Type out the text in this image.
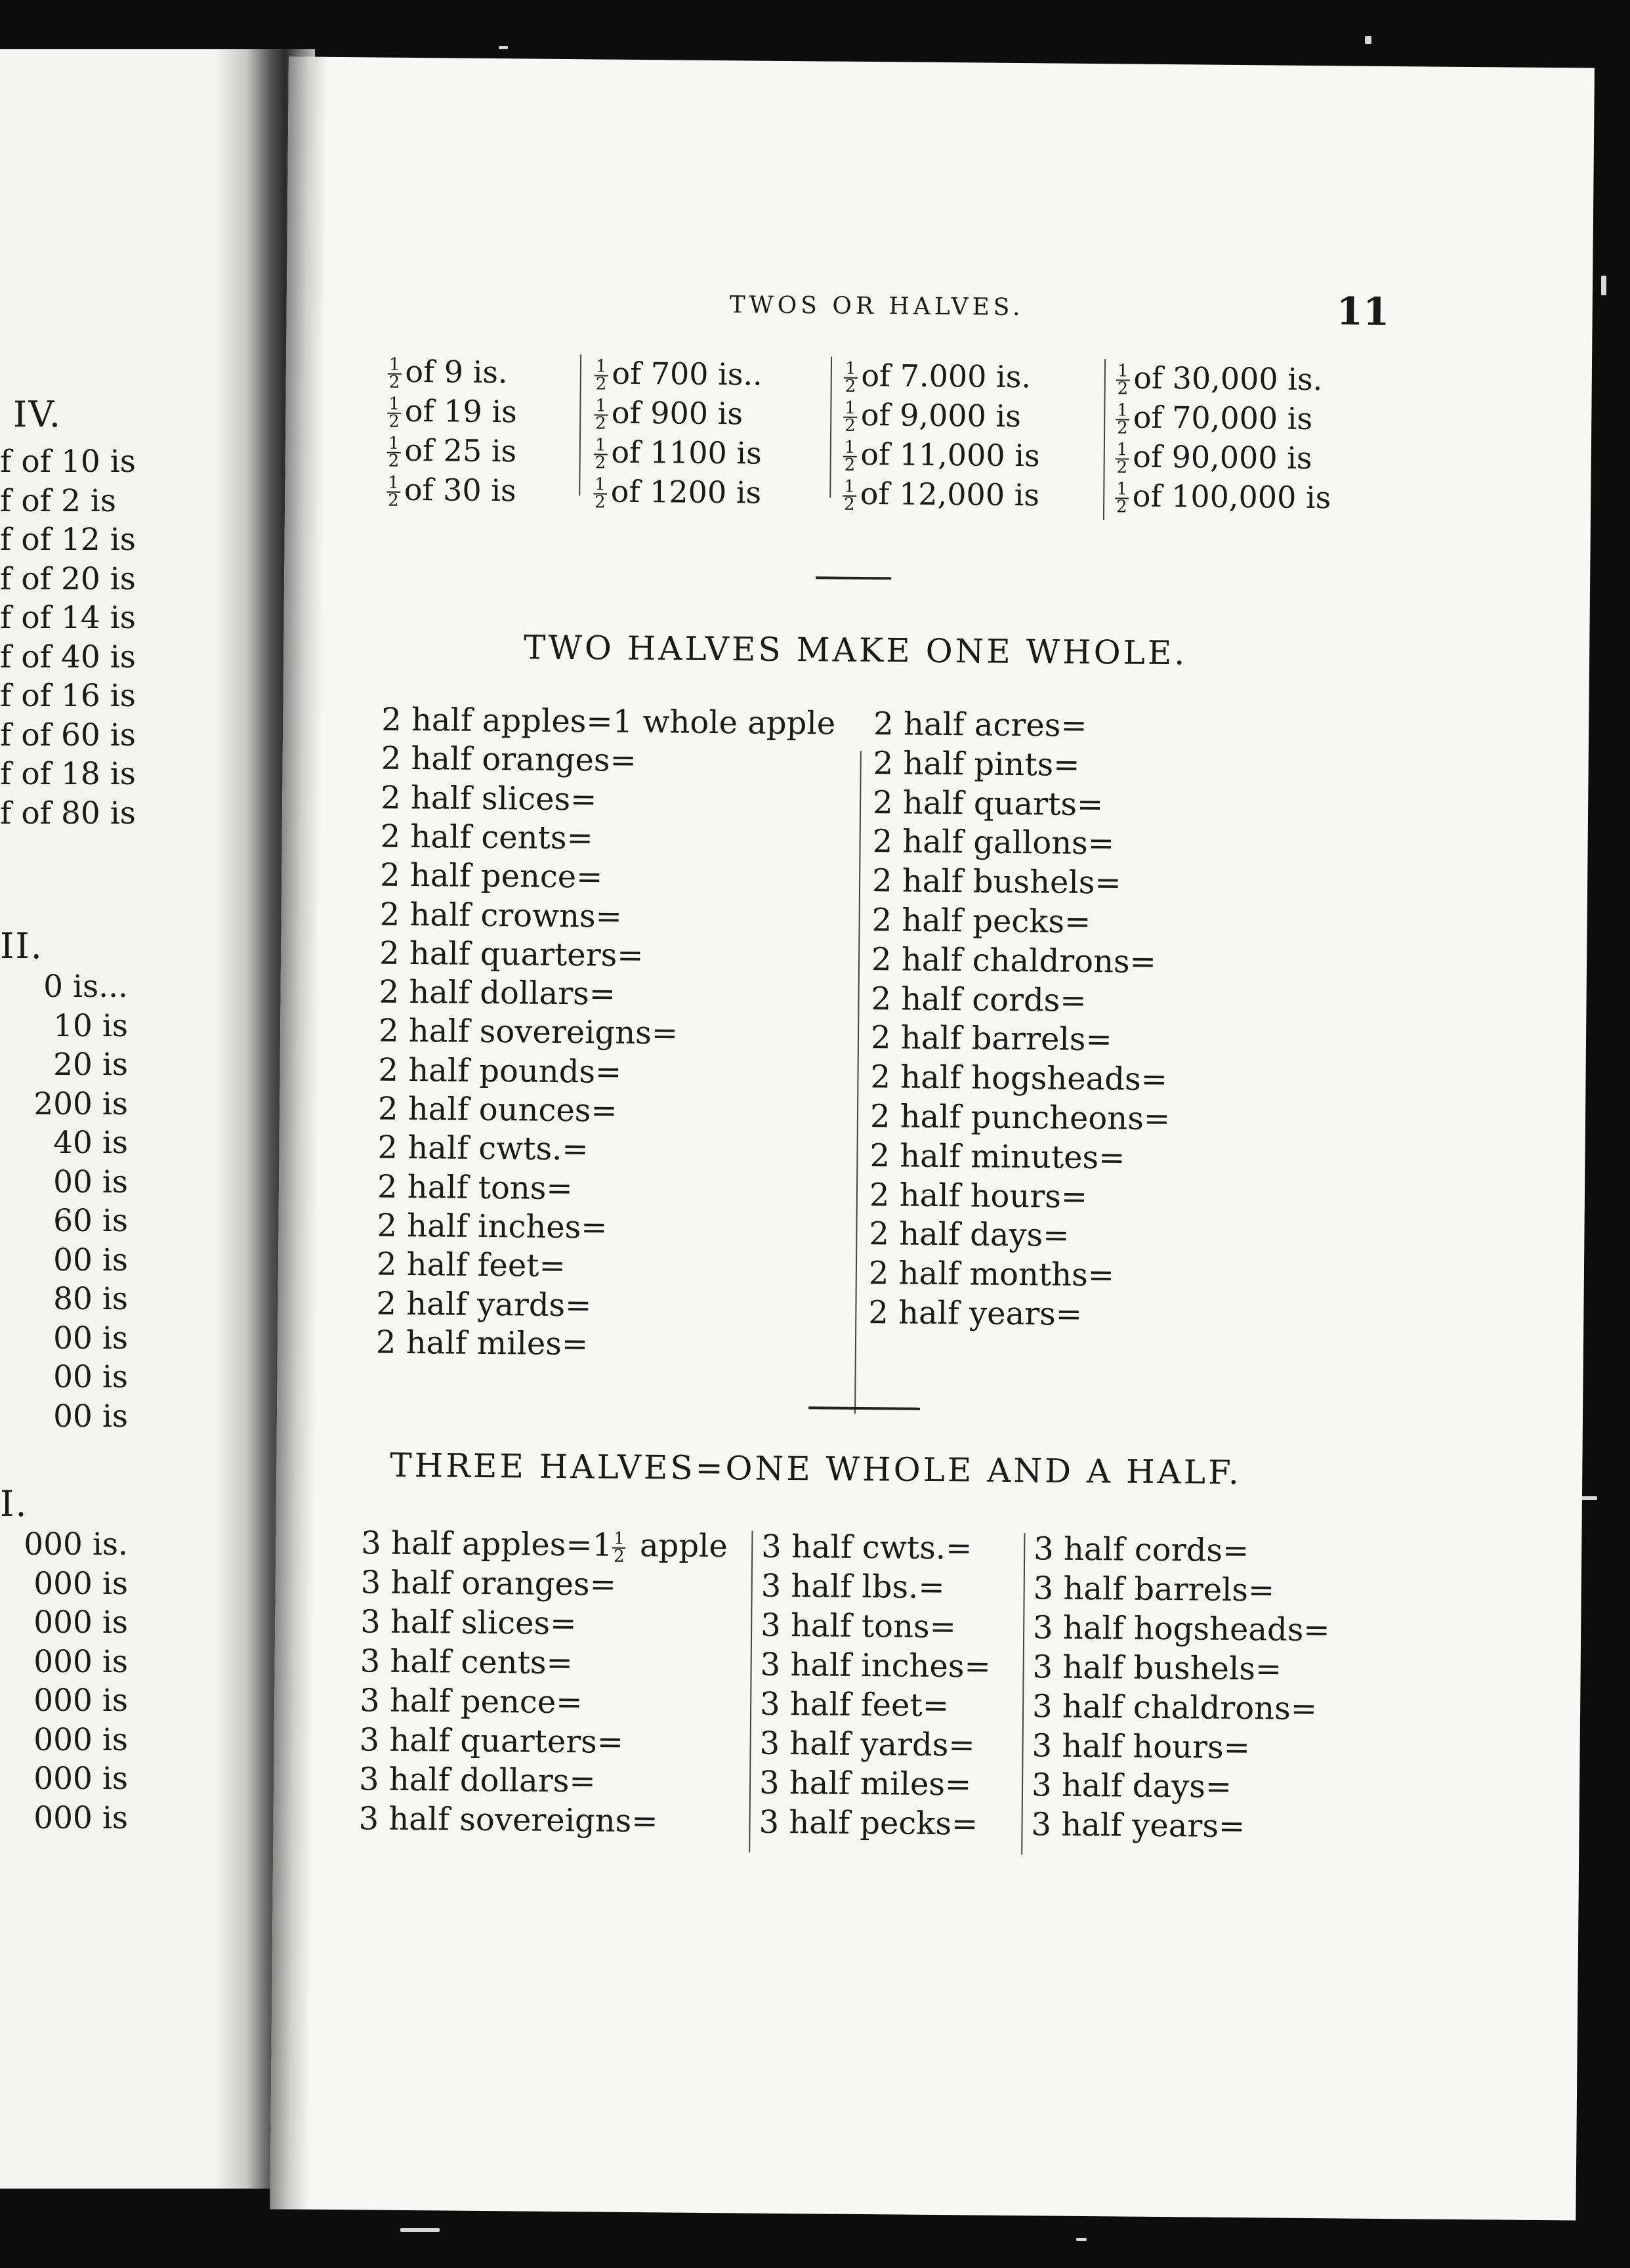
IV.
f of 10 is
f of 2 is
f of 12 is
f of 20 is
f of 14 is
f of 40 is
f of 16 is
f of 60 is
f of 18 is
f of 80 is
II.
0 is...
10 is
20 is
200 is
40 is
00 is
60 is
00 is
80 is
00 is
00 is
00 is
I.
000 is.
000 is
000 is
000 is
000 is
000 is
000 is
000 is
TWOS OR HALVES.	11
$\frac{1}{2}$ of 9 is.
$\frac{1}{2}$ of 19 is
$\frac{1}{2}$ of 25 is
$\frac{1}{2}$ of 30 is
$\frac{1}{2}$ of 700 is..
$\frac{1}{2}$ of 900 is
$\frac{1}{2}$ of 1100 is
$\frac{1}{2}$ of 1200 is
$\frac{1}{2}$ of 7.000 is.
$\frac{1}{2}$ of 9,000 is
$\frac{1}{2}$ of 11,000 is
$\frac{1}{2}$ of 12,000 is
$\frac{1}{2}$ of 30,000 is.
$\frac{1}{2}$ of 70,000 is
$\frac{1}{2}$ of 90,000 is
$\frac{1}{2}$ of 100,000 is
TWO HALVES MAKE ONE WHOLE.
2 half apples=1 whole apple
2 half oranges=
2 half slices=
2 half cents=
2 half pence=
2 half crowns=
2 half quarters=
2 half dollars=
2 half sovereigns=
2 half pounds=
2 half ounces=
2 half cwts.=
2 half tons=
2 half inches=
2 half feet=
2 half yards=
2 half miles=
2 half acres=
2 half pints=
2 half quarts=
2 half gallons=
2 half bushels=
2 half pecks=
2 half chaldrons=
2 half cords=
2 half barrels=
2 half hogsheads=
2 half puncheons=
2 half minutes=
2 half hours=
2 half days=
2 half months=
2 half years=
THREE HALVES=ONE WHOLE AND A HALF.
3 half apples=1 $\frac{1}{2}$ apple
3 half oranges=
3 half slices=
3 half cents=
3 half pence=
3 half quarters=
3 half dollars=
3 half sovereigns=
3 half cwts.=
3 half lbs.=
3 half tons=
3 half inches=
3 half feet=
3 half yards=
3 half miles=
3 half pecks=
3 half cords=
3 half barrels=
3 half hogsheads=
3 half bushels=
3 half chaldrons=
3 half hours=
3 half days=
3 half years=
